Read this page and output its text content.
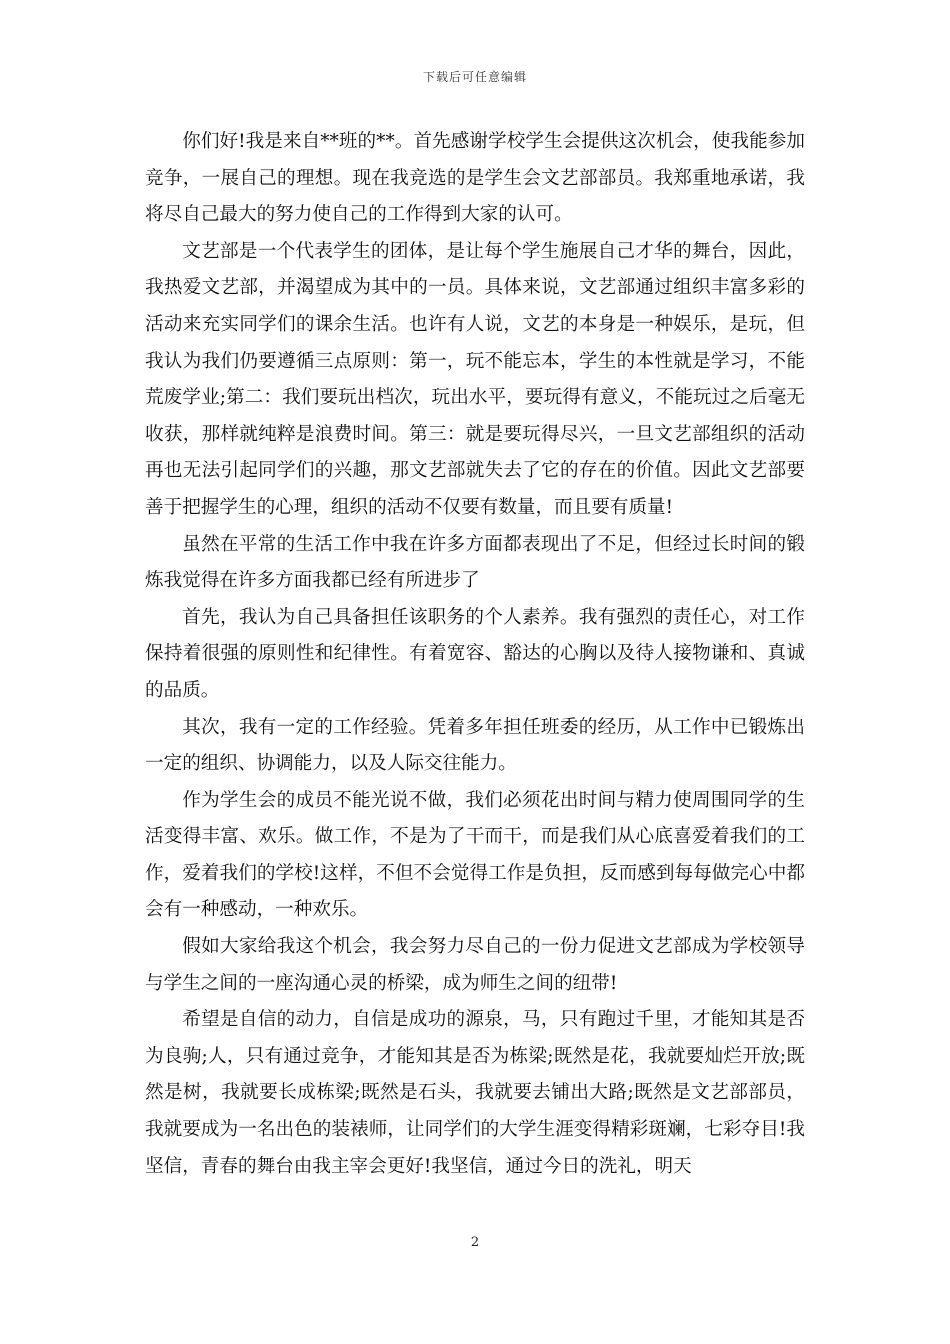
下载后可任意编辑

你们好!我是来自**班的**。首先感谢学校学生会提供这次机会，使我能参加竞争，一展自己的理想。现在我竞选的是学生会文艺部部员。我郑重地承诺，我将尽自己最大的努力使自己的工作得到大家的认可。

文艺部是一个代表学生的团体，是让每个学生施展自己才华的舞台，因此，我热爱文艺部，并渴望成为其中的一员。具体来说，文艺部通过组织丰富多彩的活动来充实同学们的课余生活。也许有人说，文艺的本身是一种娱乐，是玩，但我认为我们仍要遵循三点原则：第一，玩不能忘本，学生的本性就是学习，不能荒废学业;第二：我们要玩出档次，玩出水平，要玩得有意义，不能玩过之后毫无收获，那样就纯粹是浪费时间。第三：就是要玩得尽兴，一旦文艺部组织的活动再也无法引起同学们的兴趣，那文艺部就失去了它的存在的价值。因此文艺部要善于把握学生的心理，组织的活动不仅要有数量，而且要有质量!

虽然在平常的生活工作中我在许多方面都表现出了不足，但经过长时间的锻炼我觉得在许多方面我都已经有所进步了

首先，我认为自己具备担任该职务的个人素养。我有强烈的责任心，对工作保持着很强的原则性和纪律性。有着宽容、豁达的心胸以及待人接物谦和、真诚的品质。

其次，我有一定的工作经验。凭着多年担任班委的经历，从工作中已锻炼出一定的组织、协调能力，以及人际交往能力。

作为学生会的成员不能光说不做，我们必须花出时间与精力使周围同学的生活变得丰富、欢乐。做工作，不是为了干而干，而是我们从心底喜爱着我们的工作，爱着我们的学校!这样，不但不会觉得工作是负担，反而感到每每做完心中都会有一种感动，一种欢乐。

假如大家给我这个机会，我会努力尽自己的一份力促进文艺部成为学校领导与学生之间的一座沟通心灵的桥梁，成为师生之间的纽带!

希望是自信的动力，自信是成功的源泉，马，只有跑过千里，才能知其是否为良驹;人，只有通过竞争，才能知其是否为栋梁;既然是花，我就要灿烂开放;既然是树，我就要长成栋梁;既然是石头，我就要去铺出大路;既然是文艺部部员，我就要成为一名出色的装裱师，让同学们的大学生涯变得精彩斑斓，七彩夺目!我坚信，青春的舞台由我主宰会更好!我坚信，通过今日的洗礼，明天

2
